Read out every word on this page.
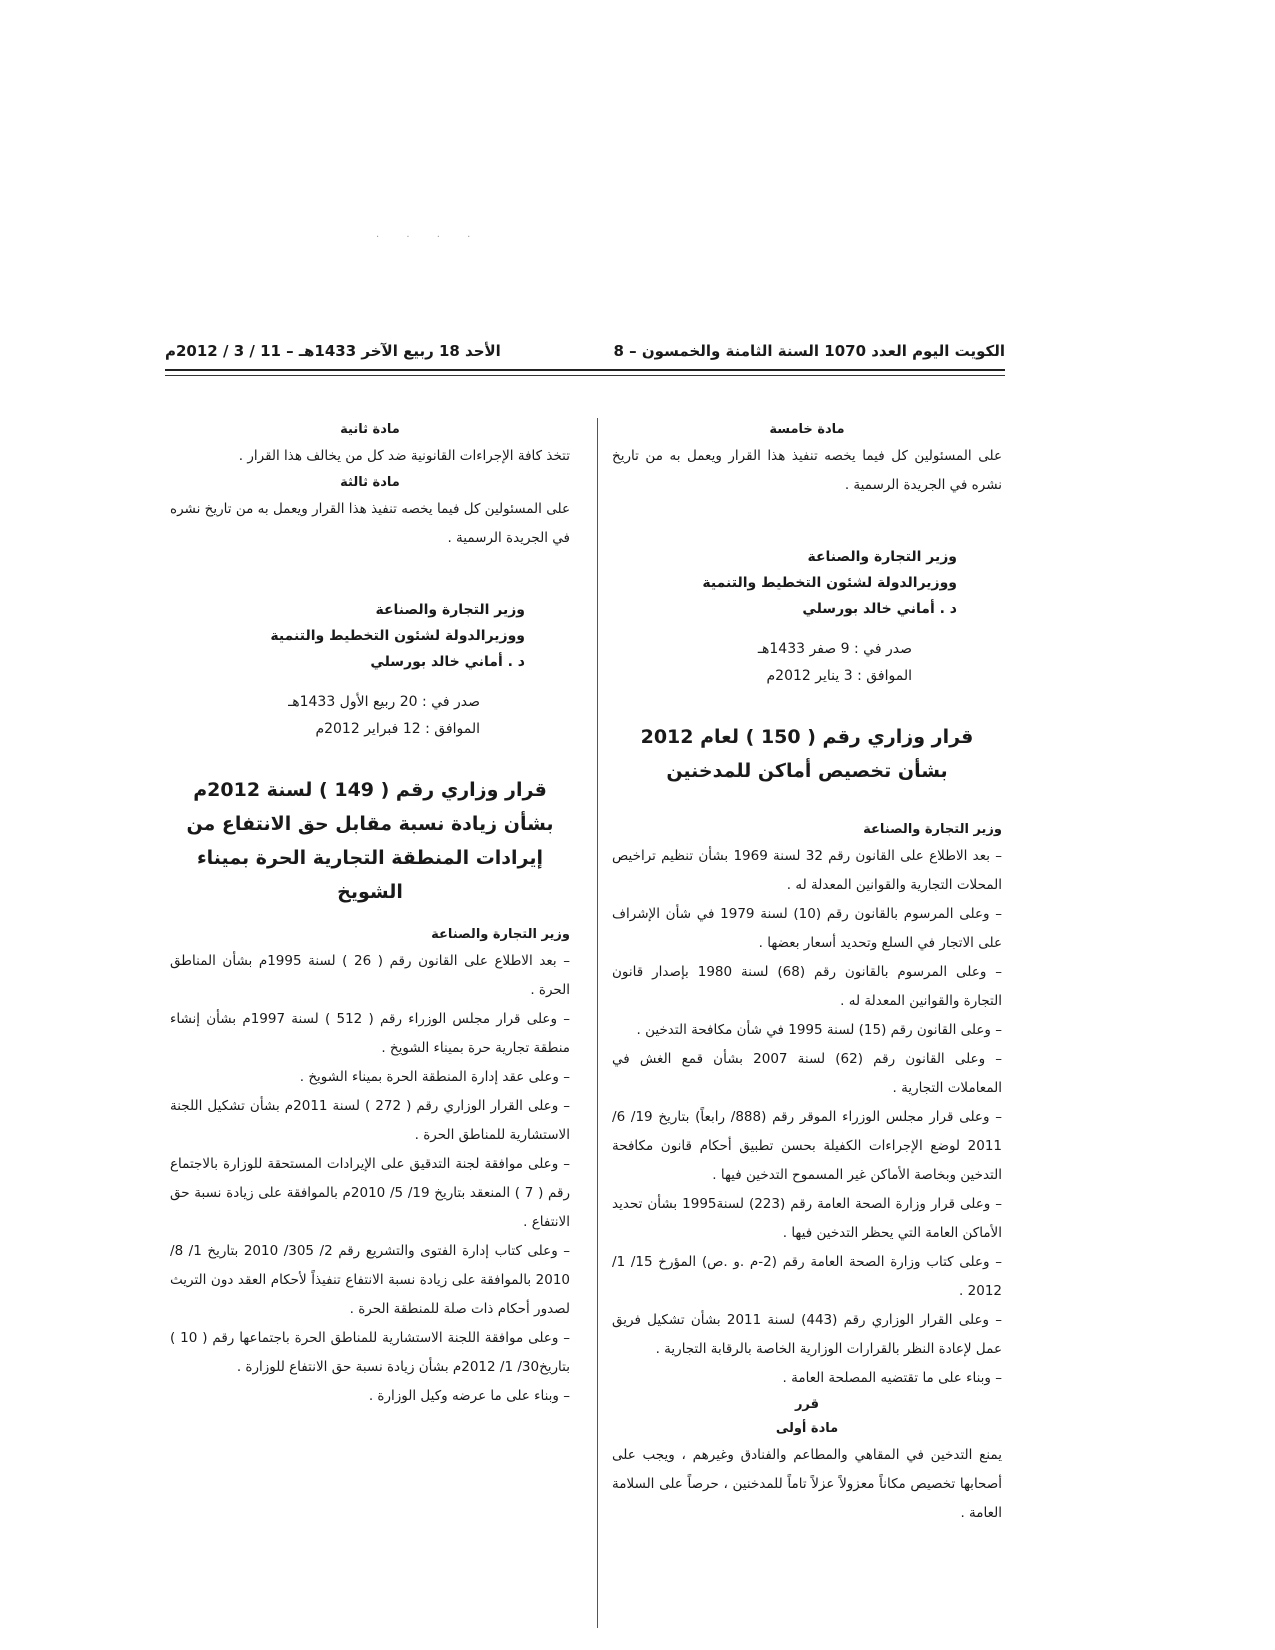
· · · ·
الكويت اليوم العدد 1070 السنة الثامنة والخمسون – 8
الأحد 18 ربيع الآخر 1433هـ – 11 / 3 / 2012م
مادة خامسة

على المسئولين كل فيما يخصه تنفيذ هذا القرار ويعمل به من تاريخ نشره في الجريدة الرسمية .

وزير التجارة والصناعة
ووزيرالدولة لشئون التخطيط والتنمية
د . أماني خالد بورسلي
صدر في : 9 صفر 1433هـ
الموافق : 3 يناير 2012م

قرار وزاري رقم ( 150 ) لعام 2012

بشأن تخصيص أماكن للمدخنين

وزير التجارة والصناعة

– بعد الاطلاع على القانون رقم 32 لسنة 1969 بشأن تنظيم تراخيص المحلات التجارية والقوانين المعدلة له .

– وعلى المرسوم بالقانون رقم (10) لسنة 1979 في شأن الإشراف على الاتجار في السلع وتحديد أسعار بعضها .

– وعلى المرسوم بالقانون رقم (68) لسنة 1980 بإصدار قانون التجارة والقوانين المعدلة له .

– وعلى القانون رقم (15) لسنة 1995 في شأن مكافحة التدخين .

– وعلى القانون رقم (62) لسنة 2007 بشأن قمع الغش في المعاملات التجارية .

– وعلى قرار مجلس الوزراء الموقر رقم (888/ رابعاً) بتاريخ 19/ 6/ 2011 لوضع الإجراءات الكفيلة بحسن تطبيق أحكام قانون مكافحة التدخين وبخاصة الأماكن غير المسموح التدخين فيها .

– وعلى قرار وزارة الصحة العامة رقم (223) لسنة1995 بشأن تحديد الأماكن العامة التي يحظر التدخين فيها .

– وعلى كتاب وزارة الصحة العامة رقم (2-م .و .ص) المؤرخ 15/ 1/ 2012 .

– وعلى القرار الوزاري رقم (443) لسنة 2011 بشأن تشكيل فريق عمل لإعادة النظر بالقرارات الوزارية الخاصة بالرقابة التجارية .

– وبناء على ما تقتضيه المصلحة العامة .

قرر
مادة أولى

يمنع التدخين في المقاهي والمطاعم والفنادق وغيرهم ، ويجب على أصحابها تخصيص مكاناً معزولاً عزلاً تاماً للمدخنين ، حرصاً على السلامة العامة .

مادة ثانية

تتخذ كافة الإجراءات القانونية ضد كل من يخالف هذا القرار .

مادة ثالثة

على المسئولين كل فيما يخصه تنفيذ هذا القرار ويعمل به من تاريخ نشره في الجريدة الرسمية .

وزير التجارة والصناعة
ووزيرالدولة لشئون التخطيط والتنمية
د . أماني خالد بورسلي
صدر في : 20 ربيع الأول 1433هـ
الموافق : 12 فبراير 2012م

قرار وزاري رقم ( 149 ) لسنة 2012م

بشأن زيادة نسبة مقابل حق الانتفاع من

إيرادات المنطقة التجارية الحرة بميناء الشويخ

وزير التجارة والصناعة

– بعد الاطلاع على القانون رقم ( 26 ) لسنة 1995م بشأن المناطق الحرة .

– وعلى قرار مجلس الوزراء رقم ( 512 ) لسنة 1997م بشأن إنشاء منطقة تجارية حرة بميناء الشويخ .

– وعلى عقد إدارة المنطقة الحرة بميناء الشويخ .

– وعلى القرار الوزاري رقم ( 272 ) لسنة 2011م بشأن تشكيل اللجنة الاستشارية للمناطق الحرة .

– وعلى موافقة لجنة التدقيق على الإيرادات المستحقة للوزارة بالاجتماع رقم ( 7 ) المنعقد بتاريخ 19/ 5/ 2010م بالموافقة على زيادة نسبة حق الانتفاع .

– وعلى كتاب إدارة الفتوى والتشريع رقم 2/ 305/ 2010 بتاريخ 1/ 8/ 2010 بالموافقة على زيادة نسبة الانتفاع تنفيذاً لأحكام العقد دون التريث لصدور أحكام ذات صلة للمنطقة الحرة .

– وعلى موافقة اللجنة الاستشارية للمناطق الحرة باجتماعها رقم ( 10 ) بتاريخ30/ 1/ 2012م بشأن زيادة نسبة حق الانتفاع للوزارة .

– وبناء على ما عرضه وكيل الوزارة .
